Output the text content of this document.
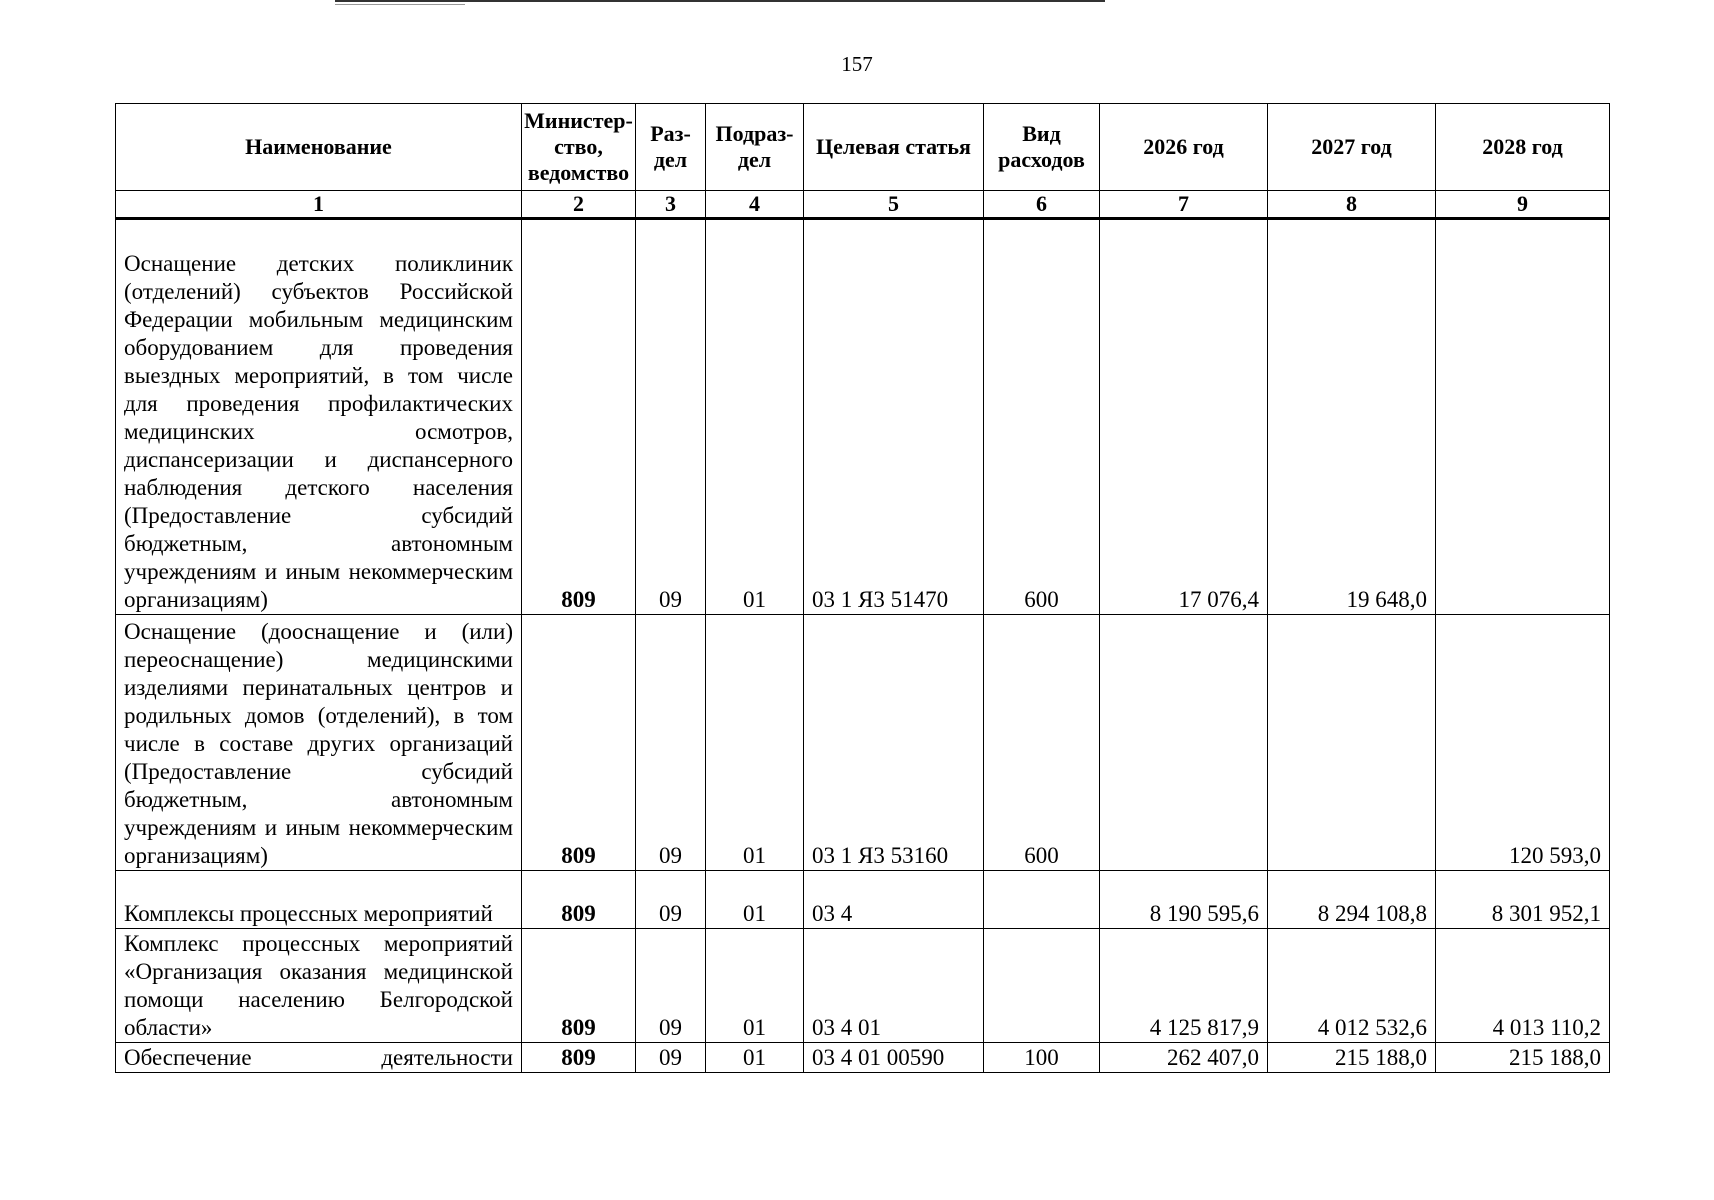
157
Наименование	Министер-ство, ведомство	Раз-дел	Подраз-дел	Целевая статья	Вид расходов	2026 год	2027 год	2028 год
1	2	3	4	5	6	7	8	9
Оснащение детских поликлиник (отделений) субъектов Российской Федерации мобильным медицинским оборудованием для проведения выездных мероприятий, в том числе для проведения профилактических медицинских осмотров, диспансеризации и диспансерного наблюдения детского населения (Предоставление субсидий бюджетным, автономным учреждениям и иным некоммерческим организациям)	809	09	01	03 1 Я3 51470	600	17 076,4	19 648,0	
Оснащение (дооснащение и (или) переоснащение) медицинскими изделиями перинатальных центров и родильных домов (отделений), в том числе в составе других организаций (Предоставление субсидий бюджетным, автономным учреждениям и иным некоммерческим организациям)	809	09	01	03 1 Я3 53160	600			120 593,0
Комплексы процессных мероприятий	809	09	01	03 4		8 190 595,6	8 294 108,8	8 301 952,1
Комплекс процессных мероприятий «Организация оказания медицинской помощи населению Белгородской области»	809	09	01	03 4 01		4 125 817,9	4 012 532,6	4 013 110,2

Обеспечение деятельности	809	09	01	03 4 01 00590	100	262 407,0	215 188,0	215 188,0
